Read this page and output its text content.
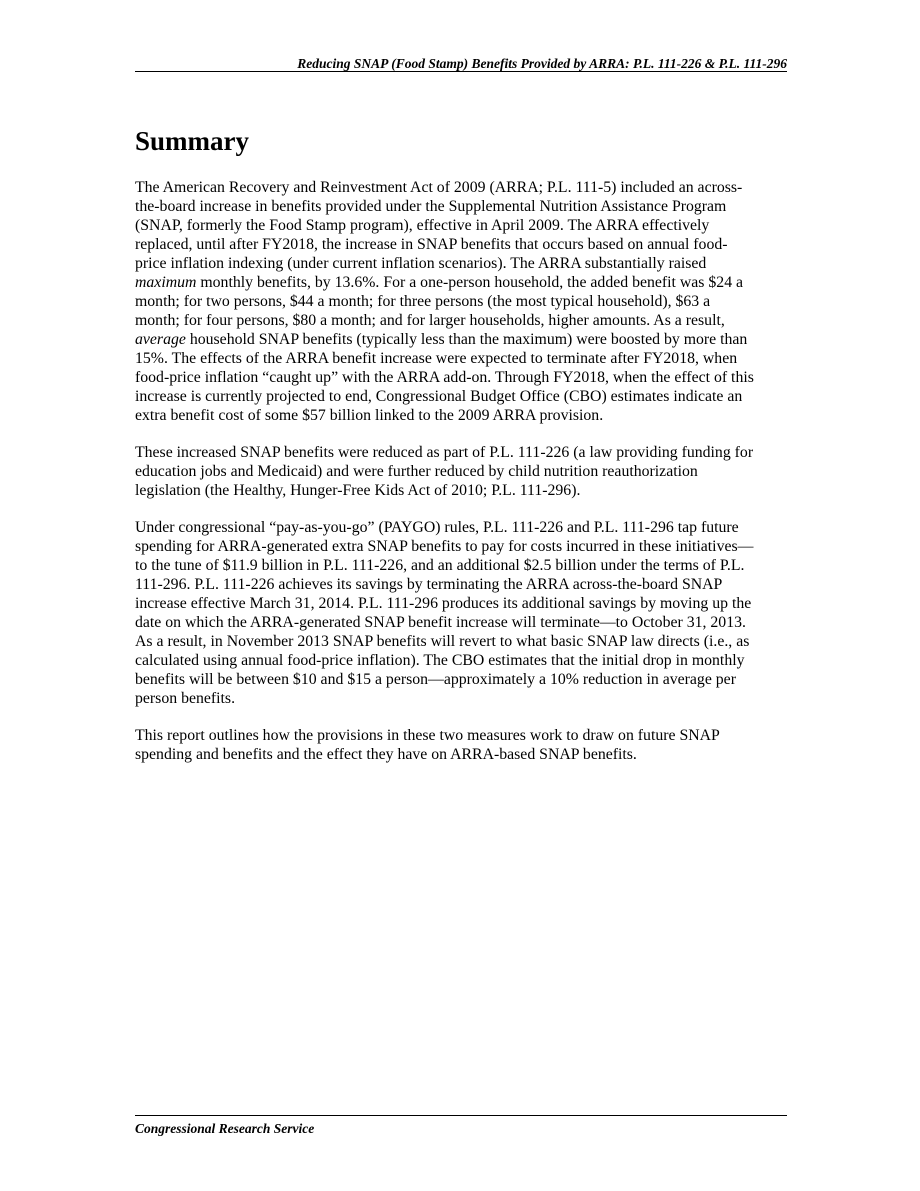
Reducing SNAP (Food Stamp) Benefits Provided by ARRA: P.L. 111-226 & P.L. 111-296
Summary

The American Recovery and Reinvestment Act of 2009 (ARRA; P.L. 111-5) included an across-
the-board increase in benefits provided under the Supplemental Nutrition Assistance Program
(SNAP, formerly the Food Stamp program), effective in April 2009. The ARRA effectively
replaced, until after FY2018, the increase in SNAP benefits that occurs based on annual food-
price inflation indexing (under current inflation scenarios). The ARRA substantially raised
maximum monthly benefits, by 13.6%. For a one-person household, the added benefit was $24 a
month; for two persons, $44 a month; for three persons (the most typical household), $63 a
month; for four persons, $80 a month; and for larger households, higher amounts. As a result,
average household SNAP benefits (typically less than the maximum) were boosted by more than
15%. The effects of the ARRA benefit increase were expected to terminate after FY2018, when
food-price inflation “caught up” with the ARRA add-on. Through FY2018, when the effect of this
increase is currently projected to end, Congressional Budget Office (CBO) estimates indicate an
extra benefit cost of some $57 billion linked to the 2009 ARRA provision.

These increased SNAP benefits were reduced as part of P.L. 111-226 (a law providing funding for
education jobs and Medicaid) and were further reduced by child nutrition reauthorization
legislation (the Healthy, Hunger-Free Kids Act of 2010; P.L. 111-296).

Under congressional “pay-as-you-go” (PAYGO) rules, P.L. 111-226 and P.L. 111-296 tap future
spending for ARRA-generated extra SNAP benefits to pay for costs incurred in these initiatives—
to the tune of $11.9 billion in P.L. 111-226, and an additional $2.5 billion under the terms of P.L.
111-296. P.L. 111-226 achieves its savings by terminating the ARRA across-the-board SNAP
increase effective March 31, 2014. P.L. 111-296 produces its additional savings by moving up the
date on which the ARRA-generated SNAP benefit increase will terminate—to October 31, 2013.
As a result, in November 2013 SNAP benefits will revert to what basic SNAP law directs (i.e., as
calculated using annual food-price inflation). The CBO estimates that the initial drop in monthly
benefits will be between $10 and $15 a person—approximately a 10% reduction in average per
person benefits.

This report outlines how the provisions in these two measures work to draw on future SNAP
spending and benefits and the effect they have on ARRA-based SNAP benefits.

Congressional Research Service
